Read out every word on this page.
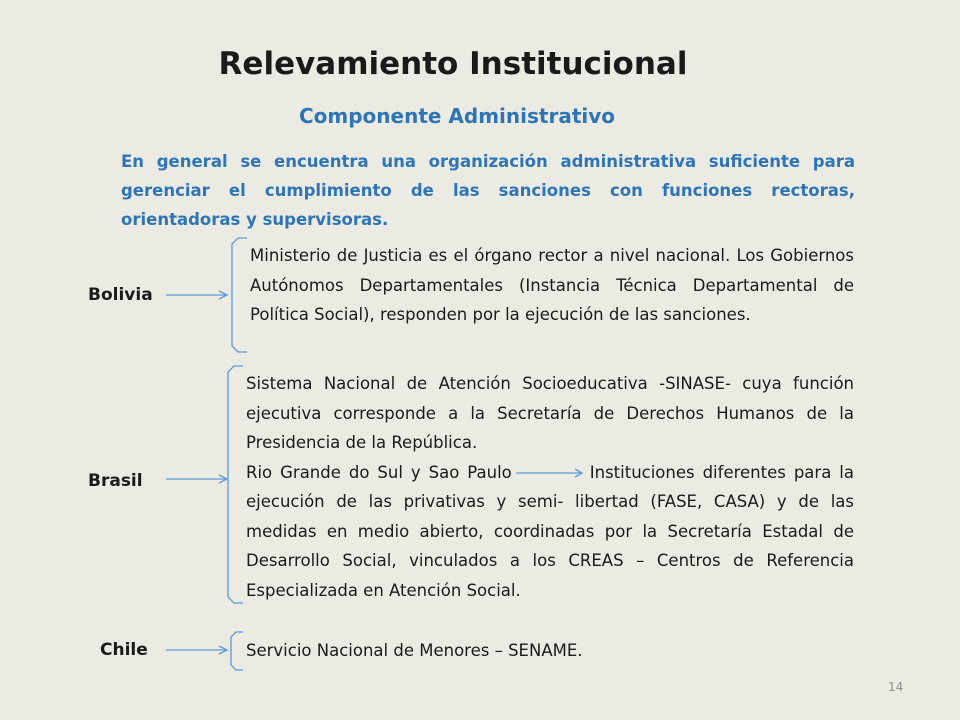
Relevamiento Institucional
Componente Administrativo
En general se encuentra una organización administrativa suficiente para gerenciar el cumplimiento de las sanciones con funciones rectoras, orientadoras y supervisoras.
Bolivia

Ministerio de Justicia es el órgano rector a nivel nacional. Los Gobiernos Autónomos Departamentales (Instancia Técnica Departamental de Política Social), responden por la ejecución de las sanciones.

Brasil

Sistema Nacional de Atención Socioeducativa -SINASE- cuya función ejecutiva corresponde a la Secretaría de Derechos Humanos de la Presidencia de la República.

Rio Grande do Sul y Sao Paulo	Instituciones diferentes para la ejecución de las privativas y semi- libertad (FASE, CASA) y de las medidas en medio abierto, coordinadas por la Secretaría Estadal de Desarrollo Social, vinculados a los CREAS – Centros de Referencia Especializada en Atención Social.

Chile	Servicio Nacional de Menores – SENAME.

14
